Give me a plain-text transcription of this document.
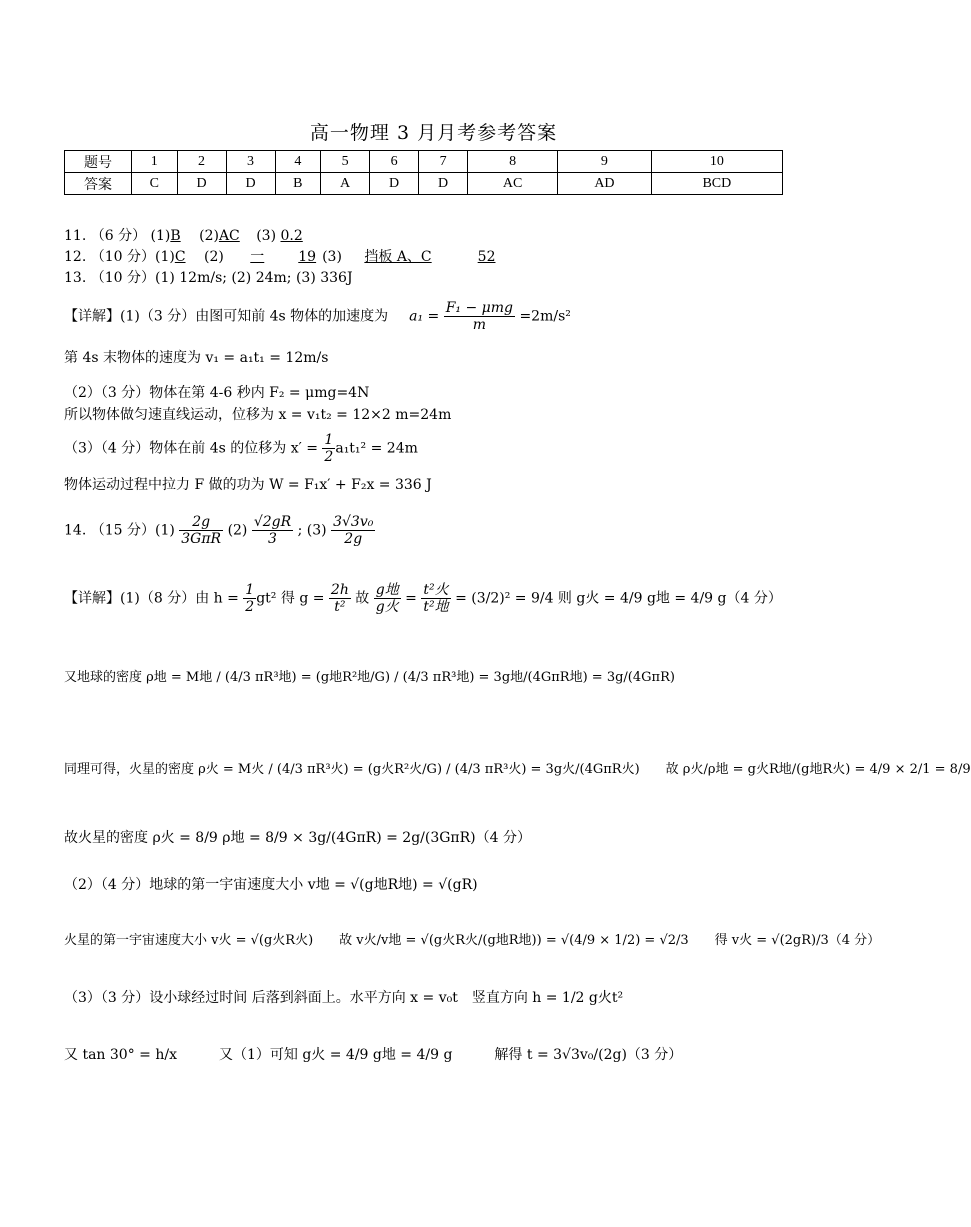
高一物理 3 月月考参考答案
题号	1	2	3	4	5	6	7	8	9	10
答案	C	D	D	B	A	D	D	AC	AD	BCD
11. （6 分） (1)B (2)AC (3) 0.2
12. （10 分）(1)C (2) 一 19 (3) 挡板 A、C	52
13. （10 分）(1) 12m/s; (2) 24m; (3) 336J
【详解】(1)（3 分）由图可知前 4s 物体的加速度为 $a_1 = \frac{\text{F₁ − μmg}}{m} =2m/s^2$
第 4s 末物体的速度为 v₁ = a₁t₁ = 12m/s
（2）（3 分）物体在第 4-6 秒内 F₂ = μmg=4N
所以物体做匀速直线运动，位移为 x = v₁t₂ = 12×2 m=24m
（3）（4 分）物体在前 4s 的位移为 $x' = \frac{1}{2} a_1t_1^2 = 24m$
物体运动过程中拉力 F 做的功为 W = F₁x′ + F₂x = 336 J
14. （15 分）$(1) \frac{2g}{\text{3GπR}} (2) \frac{√2gR}{3}$ ; $(3) \frac{\text{3√3v₀}}{2g}$
【详解】(1)（8 分）由 $h = \frac{1}{2} gt^2$ 得 $g = \frac{2h}{\text{t²}}$ 故 $\frac{\text{g地}}{\text{g火}} = \frac{\text{t²火}}{\text{t²地}} = (3/2)^2 = 9/4$ 则 g火 = 4/9 g地 = 4/9 g（4 分）
又地球的密度 ρ地 = M地 / (4/3 πR³地) = (g地R²地/G) / (4/3 πR³地) = 3g地/(4GπR地) = 3g/(4GπR)
同理可得，火星的密度 ρ火 = M火 / (4/3 πR³火) = (g火R²火/G) / (4/3 πR³火) = 3g火/(4GπR火)　　故 ρ火/ρ地 = g火R地/(g地R火) = 4/9 × 2/1 = 8/9
故火星的密度 ρ火 = 8/9 ρ地 = 8/9 × 3g/(4GπR) = 2g/(3GπR)（4 分）
（2）（4 分）地球的第一宇宙速度大小 v地 = √(g地R地) = √(gR)
火星的第一宇宙速度大小 v火 = √(g火R火)　　故 v火/v地 = √(g火R火/(g地R地)) = √(4/9 × 1/2) = √2/3　　得 v火 = √(2gR)/3（4 分）
（3）（3 分）设小球经过时间 后落到斜面上。水平方向 x = v₀t　竖直方向 h = 1/2 g火t²
又 tan 30° = h/x　　　又（1）可知 g火 = 4/9 g地 = 4/9 g　　　解得 t = 3√3v₀/(2g)（3 分）
